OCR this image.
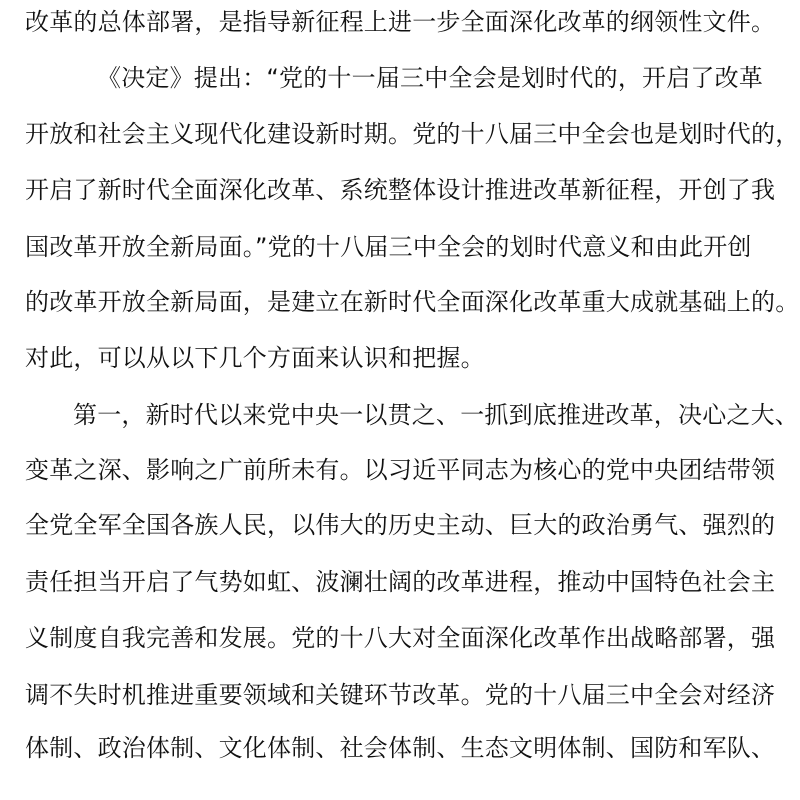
改革的总体部署，是指导新征程上进一步全面深化改革的纲领性文件。
《决定》提出：“党的十一届三中全会是划时代的，开启了改革
开放和社会主义现代化建设新时期。党的十八届三中全会也是划时代的，
开启了新时代全面深化改革、系统整体设计推进改革新征程，开创了我
国改革开放全新局面。”党的十八届三中全会的划时代意义和由此开创
的改革开放全新局面，是建立在新时代全面深化改革重大成就基础上的。
对此，可以从以下几个方面来认识和把握。
第一，新时代以来党中央一以贯之、一抓到底推进改革，决心之大、
变革之深、影响之广前所未有。以习近平同志为核心的党中央团结带领
全党全军全国各族人民，以伟大的历史主动、巨大的政治勇气、强烈的
责任担当开启了气势如虹、波澜壮阔的改革进程，推动中国特色社会主
义制度自我完善和发展。党的十八大对全面深化改革作出战略部署，强
调不失时机推进重要领域和关键环节改革。党的十八届三中全会对经济
体制、政治体制、文化体制、社会体制、生态文明体制、国防和军队、
